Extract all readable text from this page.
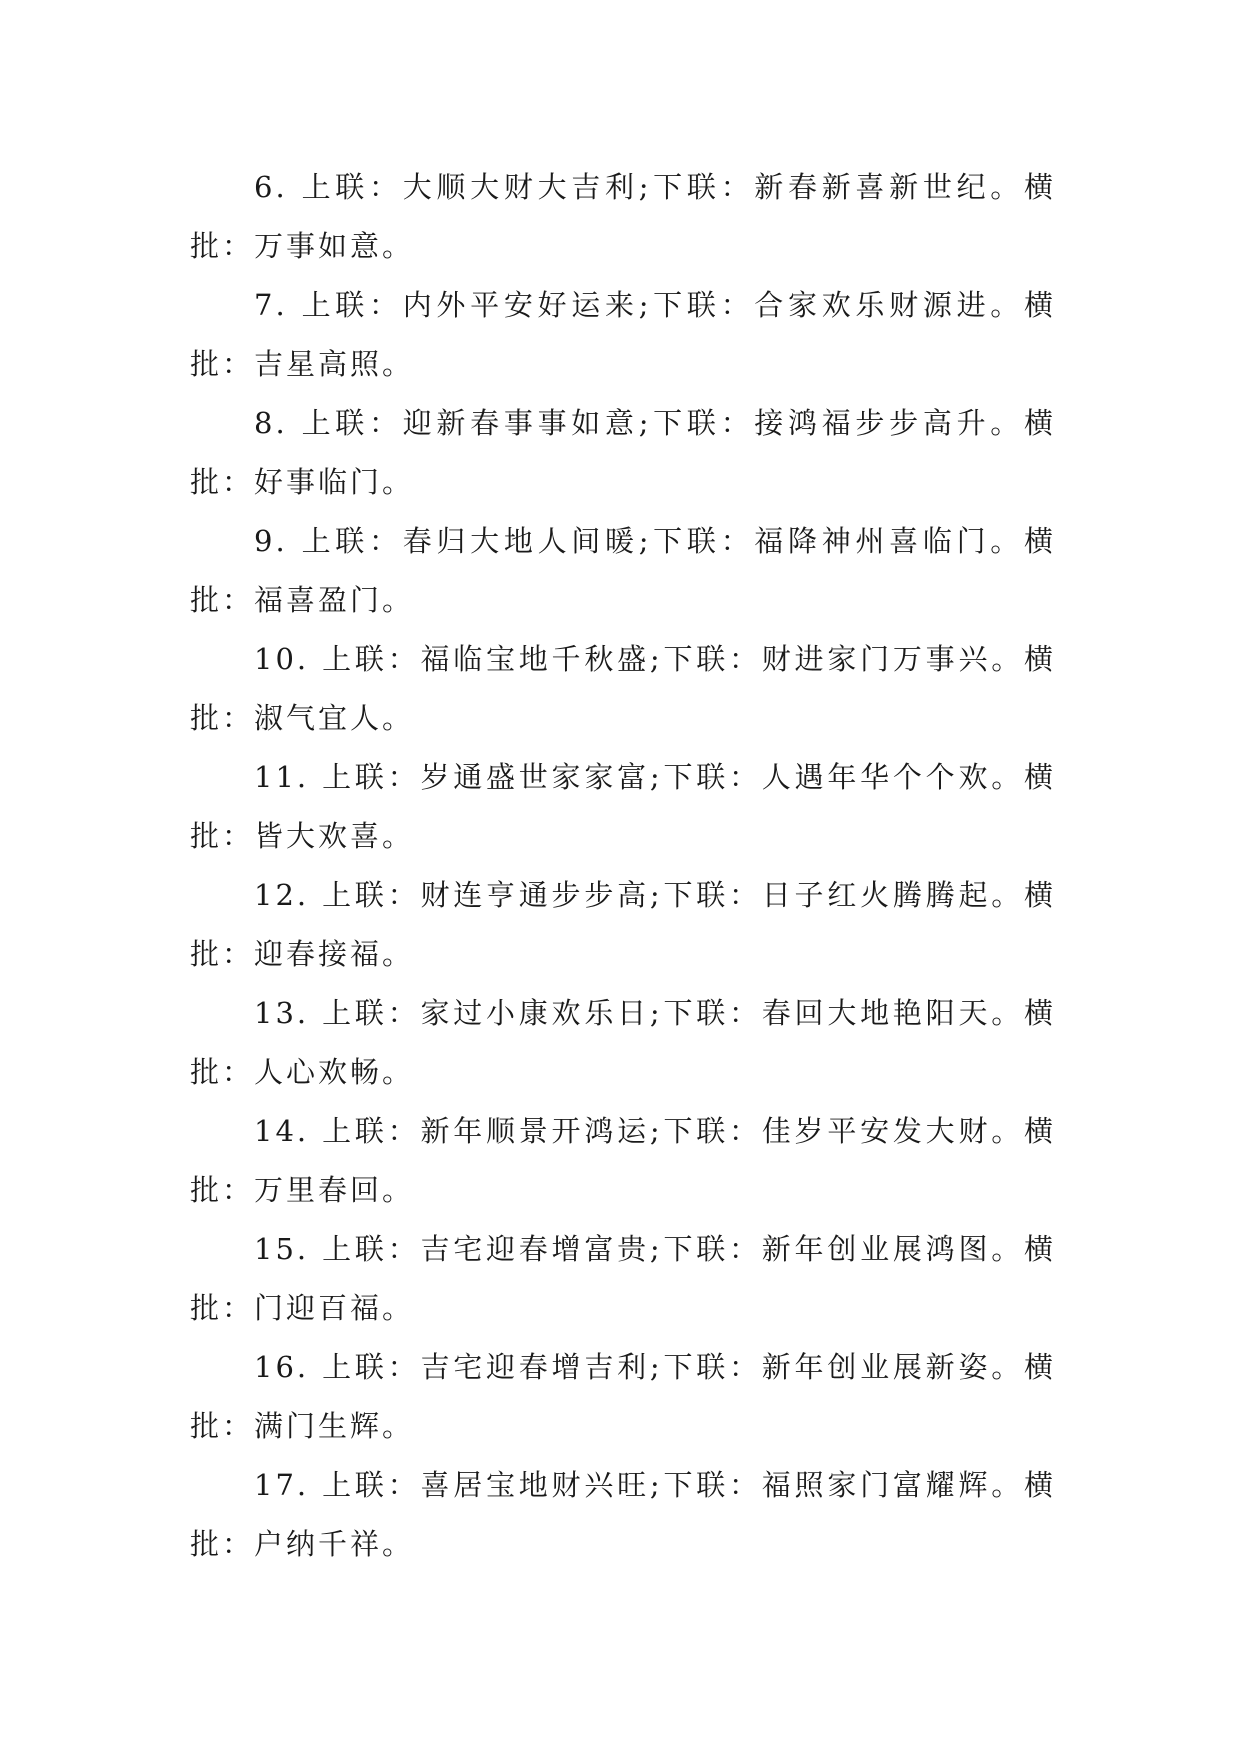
6. 上联：大顺大财大吉利;下联：新春新喜新世纪。横批：万事如意。

7. 上联：内外平安好运来;下联：合家欢乐财源进。横批：吉星高照。

8. 上联：迎新春事事如意;下联：接鸿福步步高升。横批：好事临门。

9. 上联：春归大地人间暖;下联：福降神州喜临门。横批：福喜盈门。

10. 上联：福临宝地千秋盛;下联：财进家门万事兴。横批：淑气宜人。

11. 上联：岁通盛世家家富;下联：人遇年华个个欢。横批：皆大欢喜。

12. 上联：财连亨通步步高;下联：日子红火腾腾起。横批：迎春接福。

13. 上联：家过小康欢乐日;下联：春回大地艳阳天。横批：人心欢畅。

14. 上联：新年顺景开鸿运;下联：佳岁平安发大财。横批：万里春回。

15. 上联：吉宅迎春增富贵;下联：新年创业展鸿图。横批：门迎百福。

16. 上联：吉宅迎春增吉利;下联：新年创业展新姿。横批：满门生辉。

17. 上联：喜居宝地财兴旺;下联：福照家门富耀辉。横批：户纳千祥。
